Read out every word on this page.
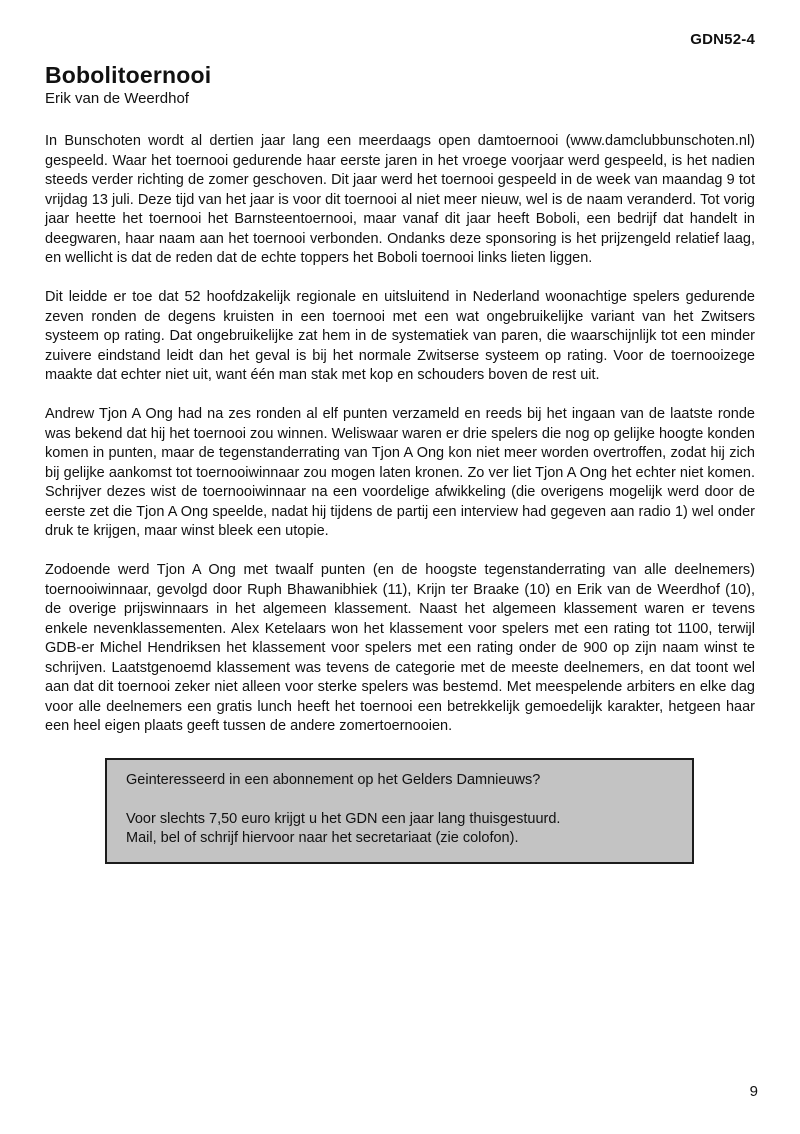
GDN52-4
Bobolitoernooi
Erik van de Weerdhof

In Bunschoten wordt al dertien jaar lang een meerdaags open damtoernooi (www.damclubbunschoten.nl) gespeeld. Waar het toernooi gedurende haar eerste jaren in het vroege voorjaar werd gespeeld, is het nadien steeds verder richting de zomer geschoven. Dit jaar werd het toernooi gespeeld in de week van maandag 9 tot vrijdag 13 juli. Deze tijd van het jaar is voor dit toernooi al niet meer nieuw, wel is de naam veranderd. Tot vorig jaar heette het toernooi het Barnsteentoernooi, maar vanaf dit jaar heeft Boboli, een bedrijf dat handelt in deegwaren, haar naam aan het toernooi verbonden. Ondanks deze sponsoring is het prijzengeld relatief laag, en wellicht is dat de reden dat de echte toppers het Boboli toernooi links lieten liggen.

Dit leidde er toe dat 52 hoofdzakelijk regionale en uitsluitend in Nederland woonachtige spelers gedurende zeven ronden de degens kruisten in een toernooi met een wat ongebruikelijke variant van het Zwitsers systeem op rating. Dat ongebruikelijke zat hem in de systematiek van paren, die waarschijnlijk tot een minder zuivere eindstand leidt dan het geval is bij het normale Zwitserse systeem op rating. Voor de toernooizege maakte dat echter niet uit, want één man stak met kop en schouders boven de rest uit.

Andrew Tjon A Ong had na zes ronden al elf punten verzameld en reeds bij het ingaan van de laatste ronde was bekend dat hij het toernooi zou winnen. Weliswaar waren er drie spelers die nog op gelijke hoogte konden komen in punten, maar de tegenstanderrating van Tjon A Ong kon niet meer worden overtroffen, zodat hij zich bij gelijke aankomst tot toernooiwinnaar zou mogen laten kronen. Zo ver liet Tjon A Ong het echter niet komen. Schrijver dezes wist de toernooiwinnaar na een voordelige afwikkeling (die overigens mogelijk werd door de eerste zet die Tjon A Ong speelde, nadat hij tijdens de partij een interview had gegeven aan radio 1) wel onder druk te krijgen, maar winst bleek een utopie.

Zodoende werd Tjon A Ong met twaalf punten (en de hoogste tegenstanderrating van alle deelnemers) toernooiwinnaar, gevolgd door Ruph Bhawanibhiek (11), Krijn ter Braake (10) en Erik van de Weerdhof (10), de overige prijswinnaars in het algemeen klassement. Naast het algemeen klassement waren er tevens enkele nevenklassementen. Alex Ketelaars won het klassement voor spelers met een rating tot 1100, terwijl GDB-er Michel Hendriksen het klassement voor spelers met een rating onder de 900 op zijn naam winst te schrijven. Laatstgenoemd klassement was tevens de categorie met de meeste deelnemers, en dat toont wel aan dat dit toernooi zeker niet alleen voor sterke spelers was bestemd. Met meespelende arbiters en elke dag voor alle deelnemers een gratis lunch heeft het toernooi een betrekkelijk gemoedelijk karakter, hetgeen haar een heel eigen plaats geeft tussen de andere zomertoernooien.

Geinteresseerd in een abonnement op het Gelders Damnieuws?
Voor slechts 7,50 euro krijgt u het GDN een jaar lang thuisgestuurd.
Mail, bel of schrijf hiervoor naar het secretariaat (zie colofon).
9
